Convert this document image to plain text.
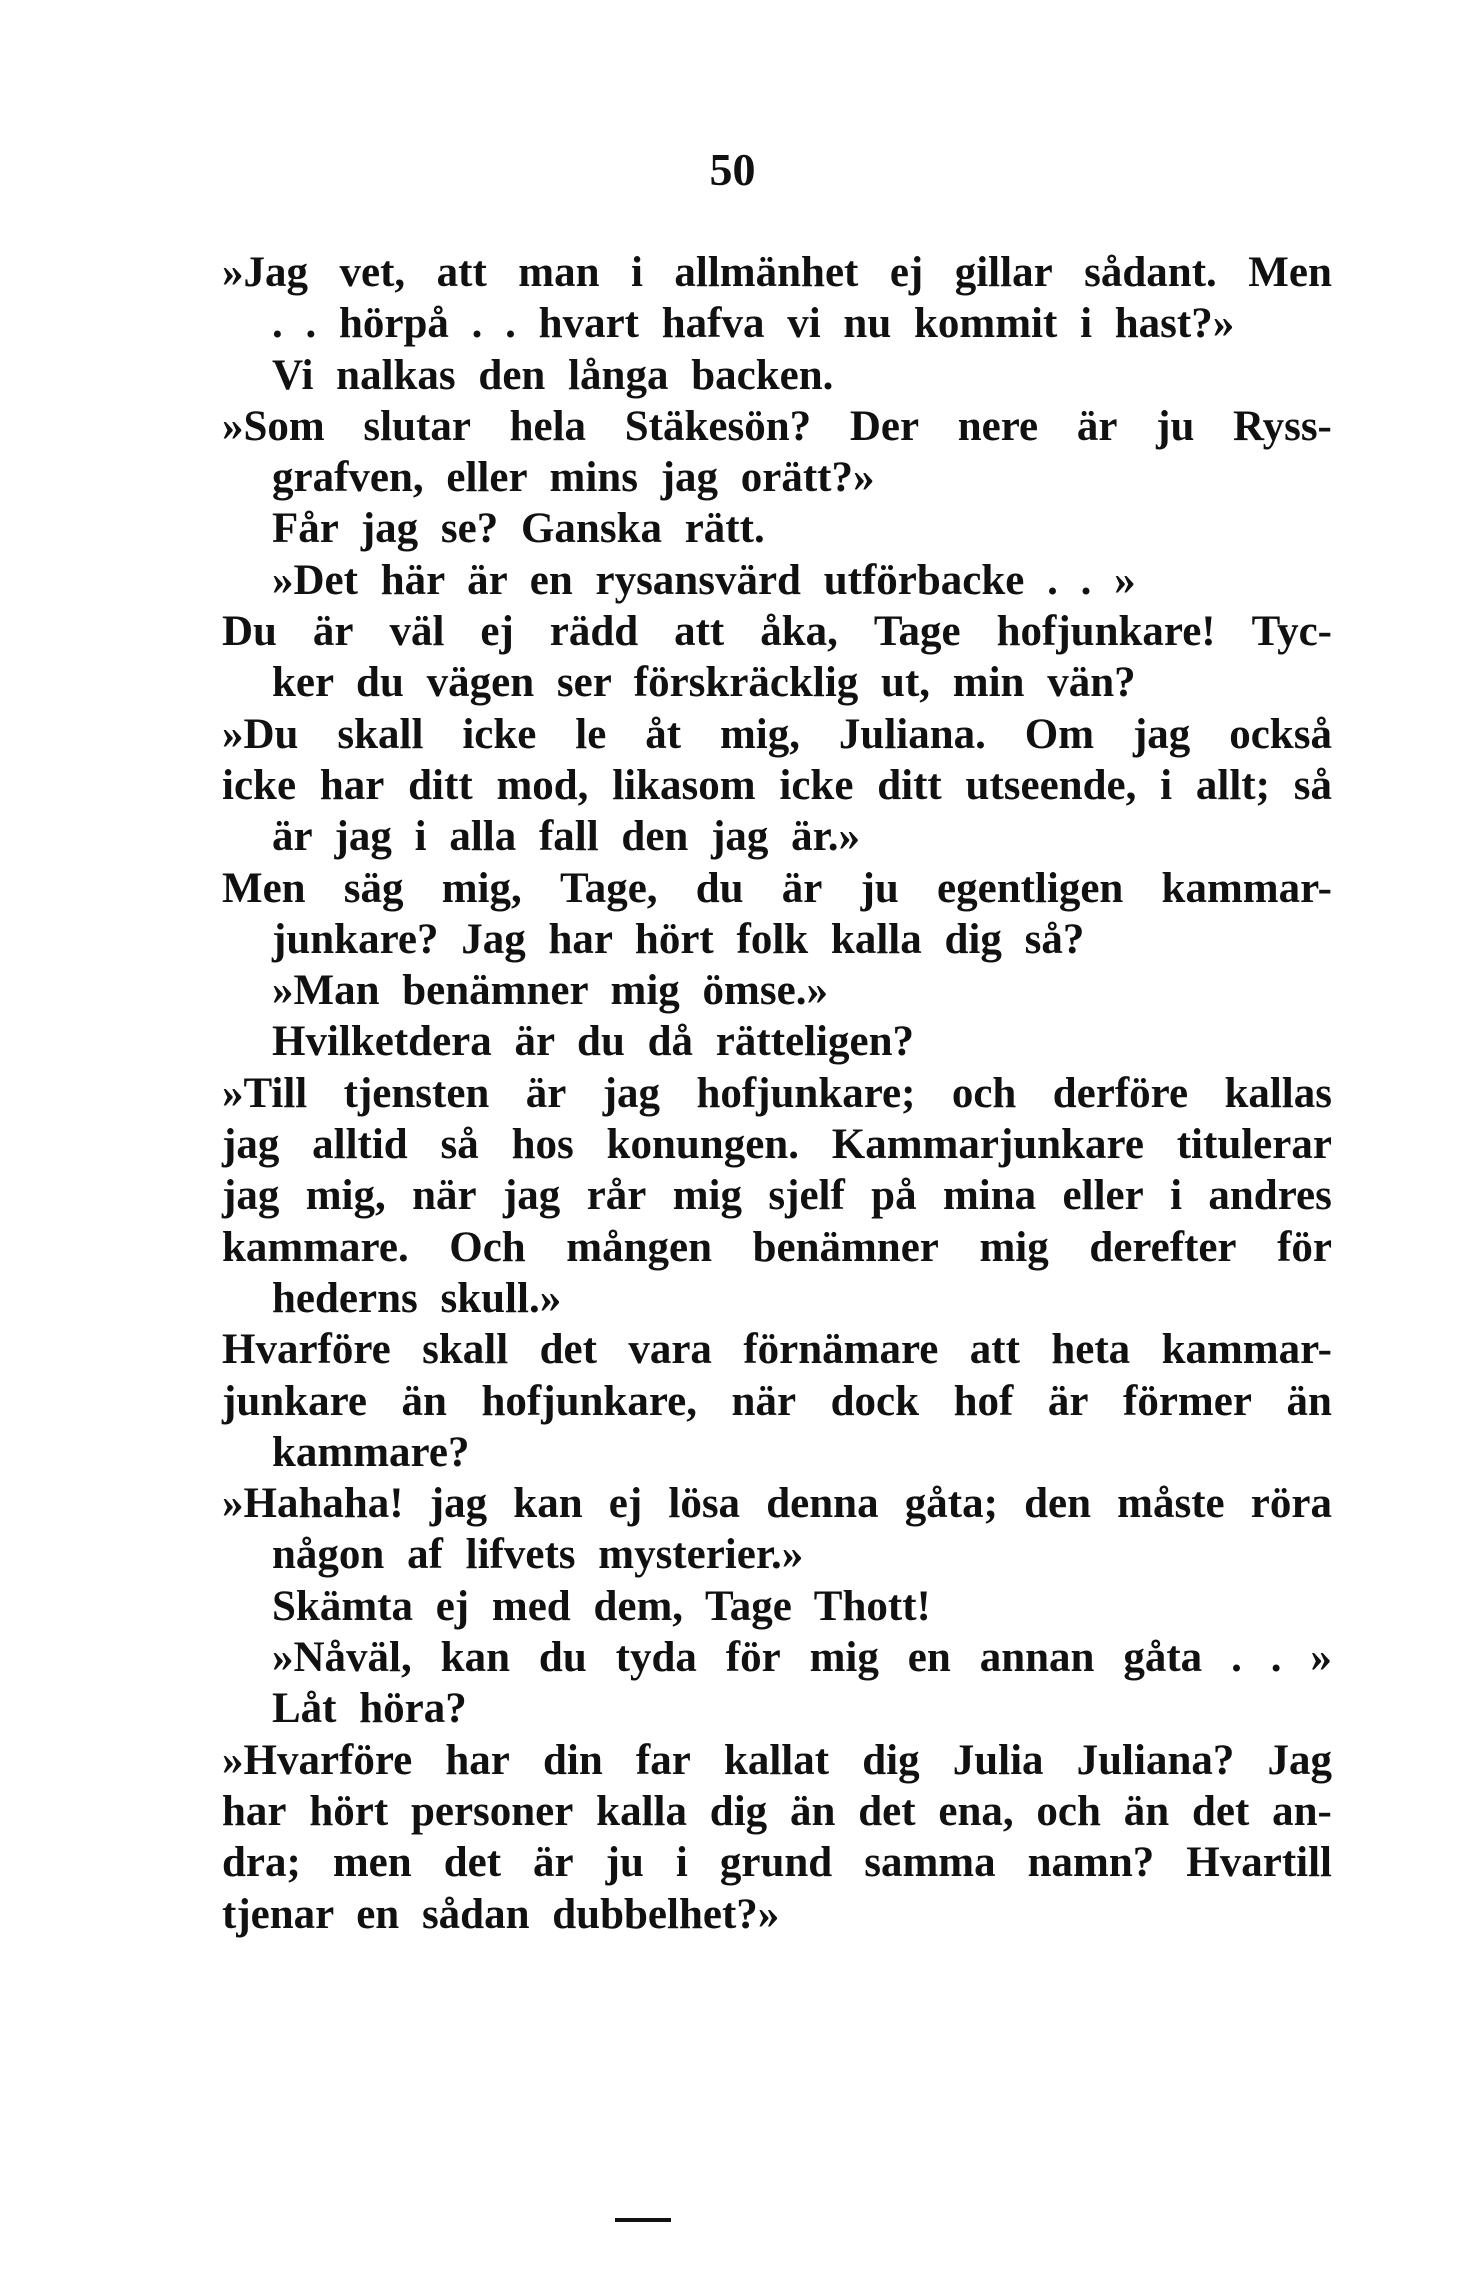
50
»Jag vet, att man i allmänhet ej gillar sådant. Men
. . hörpå . . hvart hafva vi nu kommit i hast?»
Vi nalkas den långa backen.
»Som slutar hela Stäkesön? Der nere är ju Ryss-
grafven, eller mins jag orätt?»
Får jag se? Ganska rätt.
»Det här är en rysansvärd utförbacke . . »
Du är väl ej rädd att åka, Tage hofjunkare! Tyc-
ker du vägen ser förskräcklig ut, min vän?
»Du skall icke le åt mig, Juliana. Om jag också
icke har ditt mod, likasom icke ditt utseende, i allt; så
är jag i alla fall den jag är.»
Men säg mig, Tage, du är ju egentligen kammar-
junkare? Jag har hört folk kalla dig så?
»Man benämner mig ömse.»
Hvilketdera är du då rätteligen?
»Till tjensten är jag hofjunkare; och derföre kallas
jag alltid så hos konungen. Kammarjunkare titulerar
jag mig, när jag rår mig sjelf på mina eller i andres
kammare. Och mången benämner mig derefter för
hederns skull.»
Hvarföre skall det vara förnämare att heta kammar-
junkare än hofjunkare, när dock hof är förmer än
kammare?
»Hahaha! jag kan ej lösa denna gåta; den måste röra
någon af lifvets mysterier.»
Skämta ej med dem, Tage Thott!
»Nåväl, kan du tyda för mig en annan gåta . . »
Låt höra?
»Hvarföre har din far kallat dig Julia Juliana? Jag
har hört personer kalla dig än det ena, och än det an-
dra; men det är ju i grund samma namn? Hvartill
tjenar en sådan dubbelhet?»
